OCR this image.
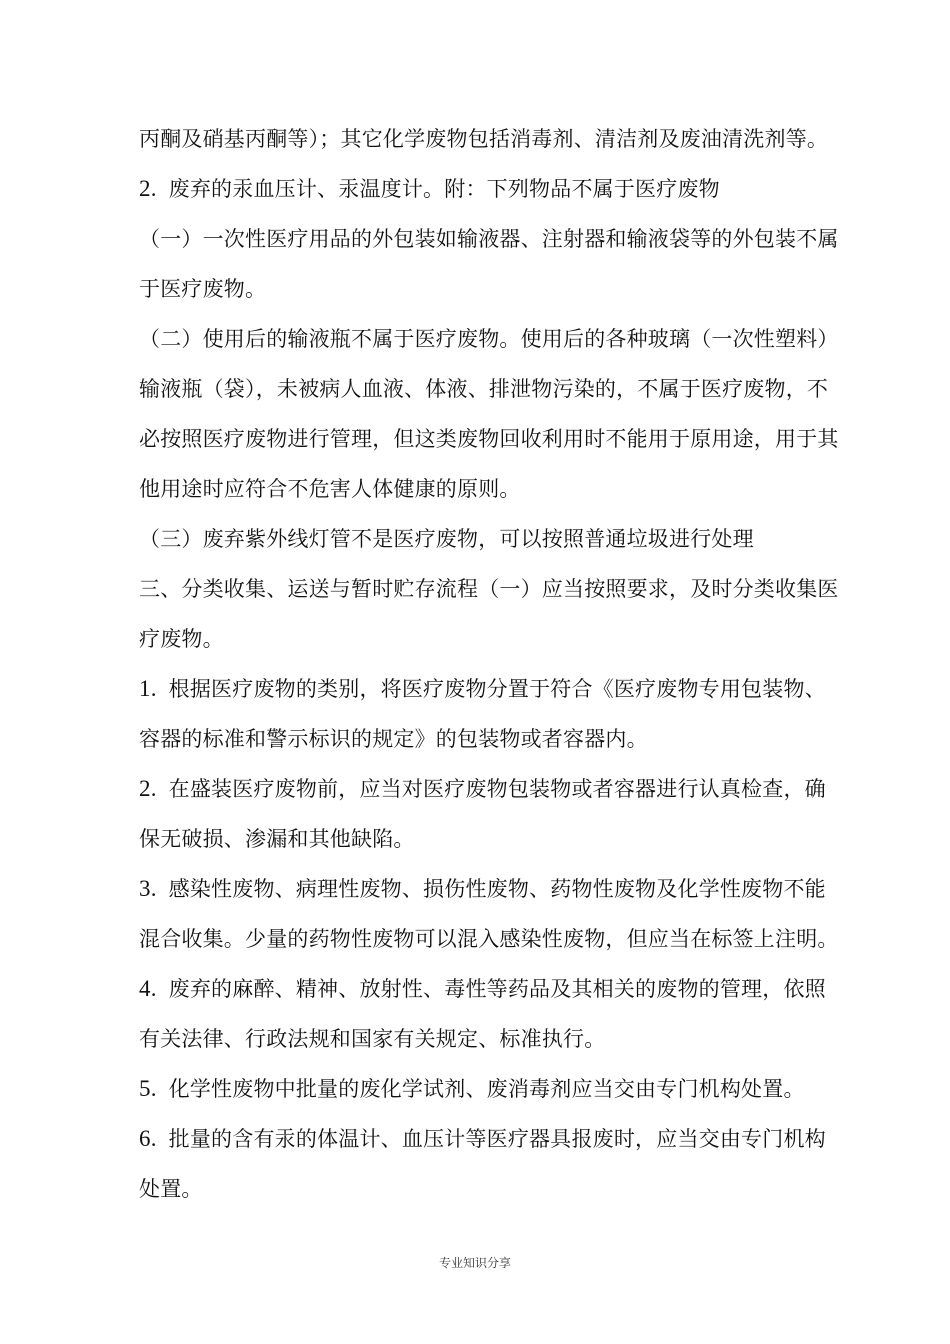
丙酮及硝基丙酮等）；其它化学废物包括消毒剂、清洁剂及废油清洗剂等。
2. 废弃的汞血压计、汞温度计。附：下列物品不属于医疗废物
（一）一次性医疗用品的外包装如输液器、注射器和输液袋等的外包装不属
于医疗废物。
（二）使用后的输液瓶不属于医疗废物。使用后的各种玻璃（一次性塑料）
输液瓶（袋），未被病人血液、体液、排泄物污染的，不属于医疗废物，不
必按照医疗废物进行管理，但这类废物回收利用时不能用于原用途，用于其
他用途时应符合不危害人体健康的原则。
（三）废弃紫外线灯管不是医疗废物，可以按照普通垃圾进行处理
三、分类收集、运送与暂时贮存流程（一）应当按照要求，及时分类收集医
疗废物。
1. 根据医疗废物的类别，将医疗废物分置于符合《医疗废物专用包装物、
容器的标准和警示标识的规定》的包装物或者容器内。
2. 在盛装医疗废物前，应当对医疗废物包装物或者容器进行认真检查，确
保无破损、渗漏和其他缺陷。
3. 感染性废物、病理性废物、损伤性废物、药物性废物及化学性废物不能
混合收集。少量的药物性废物可以混入感染性废物，但应当在标签上注明。
4. 废弃的麻醉、精神、放射性、毒性等药品及其相关的废物的管理，依照
有关法律、行政法规和国家有关规定、标准执行。
5. 化学性废物中批量的废化学试剂、废消毒剂应当交由专门机构处置。
6. 批量的含有汞的体温计、血压计等医疗器具报废时，应当交由专门机构
处置。
专业知识分享
